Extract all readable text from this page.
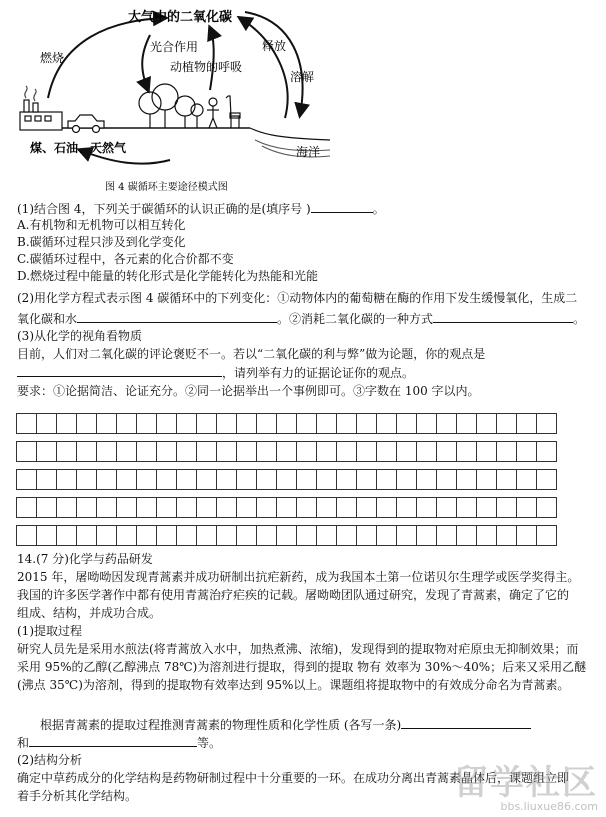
大气中的二氧化碳
燃烧
光合作用	释放
动植物的呼吸
溶解
煤、石油、天然气	海洋
图 4 碳循环主要途径模式图
(1)结合图 4，下列关于碳循环的认识正确的是(填序号 )	。
A.有机物和无机物可以相互转化
B.碳循环过程只涉及到化学变化
C.碳循环过程中，各元素的化合价都不变
D.燃烧过程中能量的转化形式是化学能转化为热能和光能
(2)用化学方程式表示图 4 碳循环中的下列变化：①动物体内的葡萄糖在酶的作用下发生缓慢氧化，生成二
氧化碳和水	。②消耗二氧化碳的一种方式	。
(3)从化学的视角看物质
目前，人们对二氧化碳的评论褒贬不一。若以“二氧化碳的利与弊”做为论题，你的观点是
，请列举有力的证据论证你的观点。
要求：①论据简洁、论证充分。②同一论据举出一个事例即可。③字数在 100 字以内。

14.(7 分)化学与药品研发
2015 年，屠呦呦因发现青蒿素并成功研制出抗疟新药，成为我国本土第一位诺贝尔生理学或医学奖得主。
我国的许多医学著作中都有使用青蒿治疗疟疾的记载。屠呦呦团队通过研究，发现了青蒿素，确定了它的
组成、结构，并成功合成。
(1)提取过程
研究人员先是采用水煎法(将青蒿放入水中，加热煮沸、浓缩)，发现得到的提取物对疟原虫无抑制效果；而
采用 95%的乙醇(乙醇沸点 78℃)为溶剂进行提取，得到的提取 物有 效率为 30%～40%；后来又采用乙醚
(沸点 35℃)为溶剂，得到的提取物有效率达到 95%以上。课题组将提取物中的有效成分命名为青蒿素。
根据青蒿素的提取过程推测青蒿素的物理性质和化学性质 (各写一条)
和	等。
(2)结构分析
确定中草药成分的化学结构是药物研制过程中十分重要的一环。在成功分离出青蒿素晶体后，课题组立即
着手分析其化学结构。	留学社区
bbs.liuxue86.com
